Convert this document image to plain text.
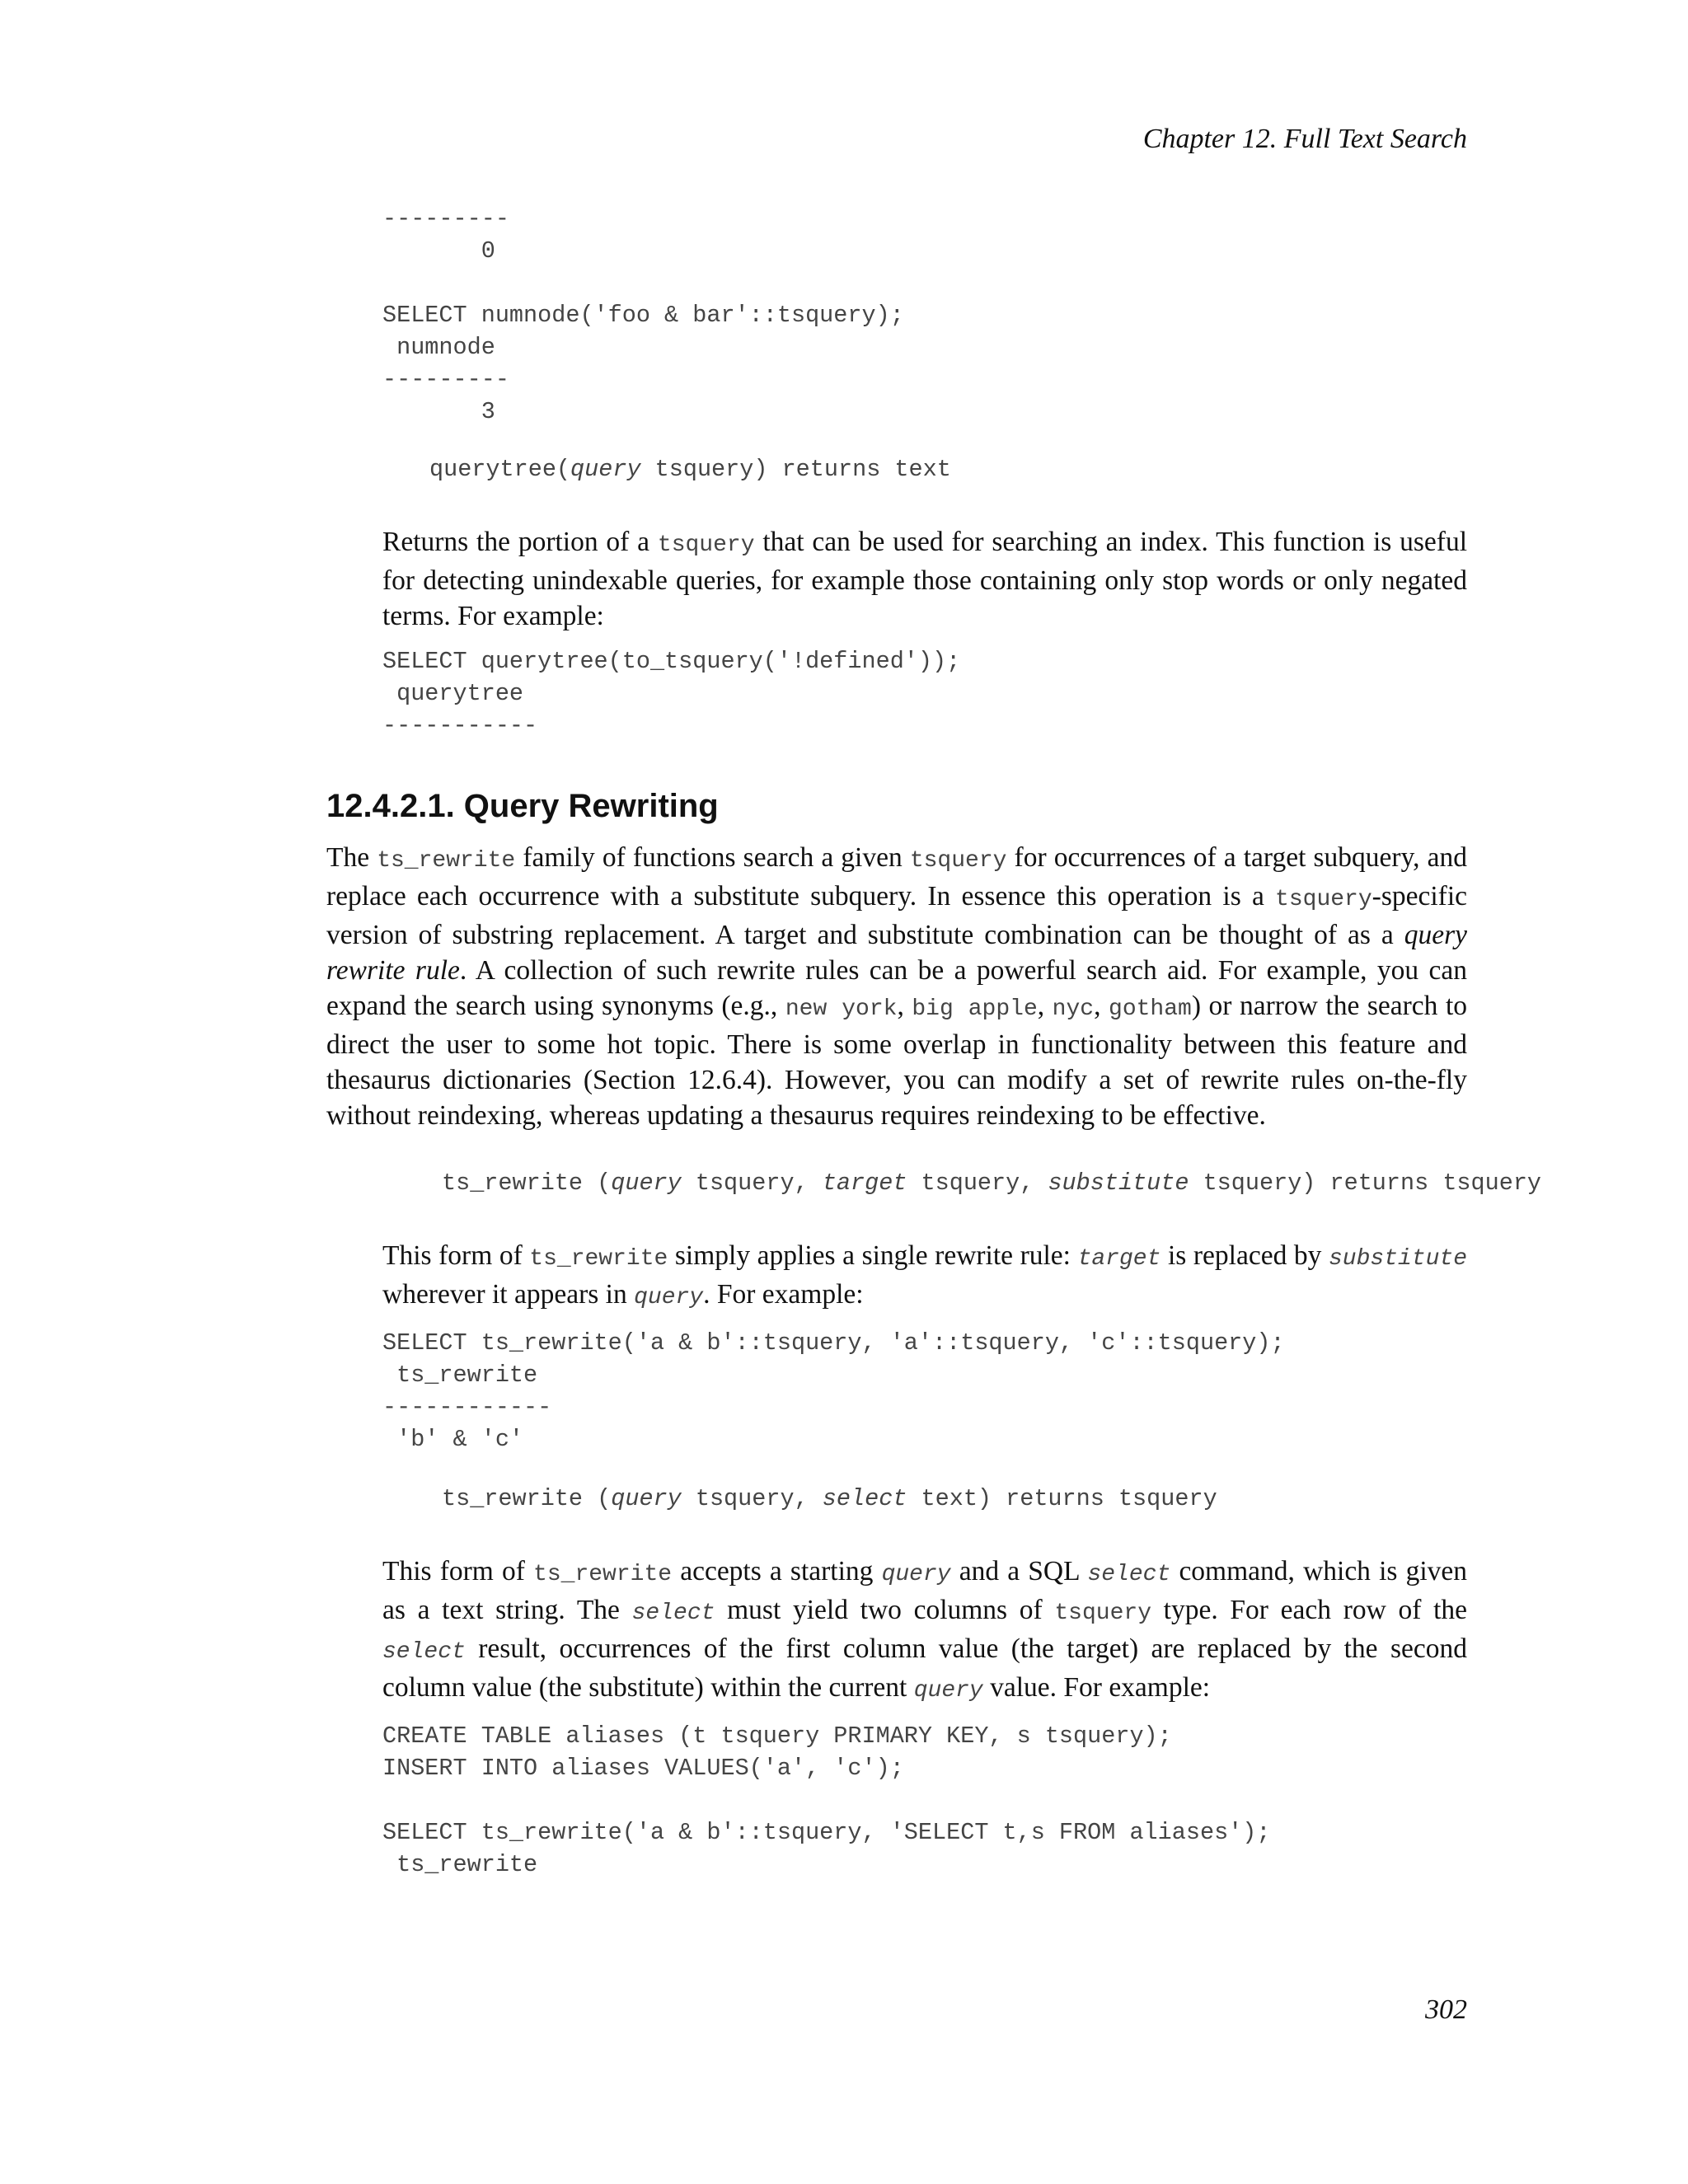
Chapter 12. Full Text Search
---------
0

SELECT numnode('foo & bar'::tsquery);
numnode
---------
3
querytree(query tsquery) returns text

Returns the portion of a tsquery that can be used for searching an index. This function is useful for detecting unindexable queries, for example those containing only stop words or only negated terms. For example:

SELECT querytree(to_tsquery('!defined'));
querytree
-----------
12.4.2.1. Query Rewriting

The ts_rewrite family of functions search a given tsquery for occurrences of a target subquery, and replace each occurrence with a substitute subquery. In essence this operation is a tsquery-specific version of substring replacement. A target and substitute combination can be thought of as a query rewrite rule. A collection of such rewrite rules can be a powerful search aid. For example, you can expand the search using synonyms (e.g., new york, big apple, nyc, gotham) or narrow the search to direct the user to some hot topic. There is some overlap in functionality between this feature and thesaurus dictionaries (Section 12.6.4). However, you can modify a set of rewrite rules on-the-fly without reindexing, whereas updating a thesaurus requires reindexing to be effective.

ts_rewrite (query tsquery, target tsquery, substitute tsquery) returns tsquery

This form of ts_rewrite simply applies a single rewrite rule: target is replaced by substitute wherever it appears in query. For example:

SELECT ts_rewrite('a & b'::tsquery, 'a'::tsquery, 'c'::tsquery);
ts_rewrite
------------
'b' & 'c'
ts_rewrite (query tsquery, select text) returns tsquery

This form of ts_rewrite accepts a starting query and a SQL select command, which is given as a text string. The select must yield two columns of tsquery type. For each row of the select result, occurrences of the first column value (the target) are replaced by the second column value (the substitute) within the current query value. For example:

CREATE TABLE aliases (t tsquery PRIMARY KEY, s tsquery);
INSERT INTO aliases VALUES('a', 'c');

SELECT ts_rewrite('a & b'::tsquery, 'SELECT t,s FROM aliases');
ts_rewrite
302
